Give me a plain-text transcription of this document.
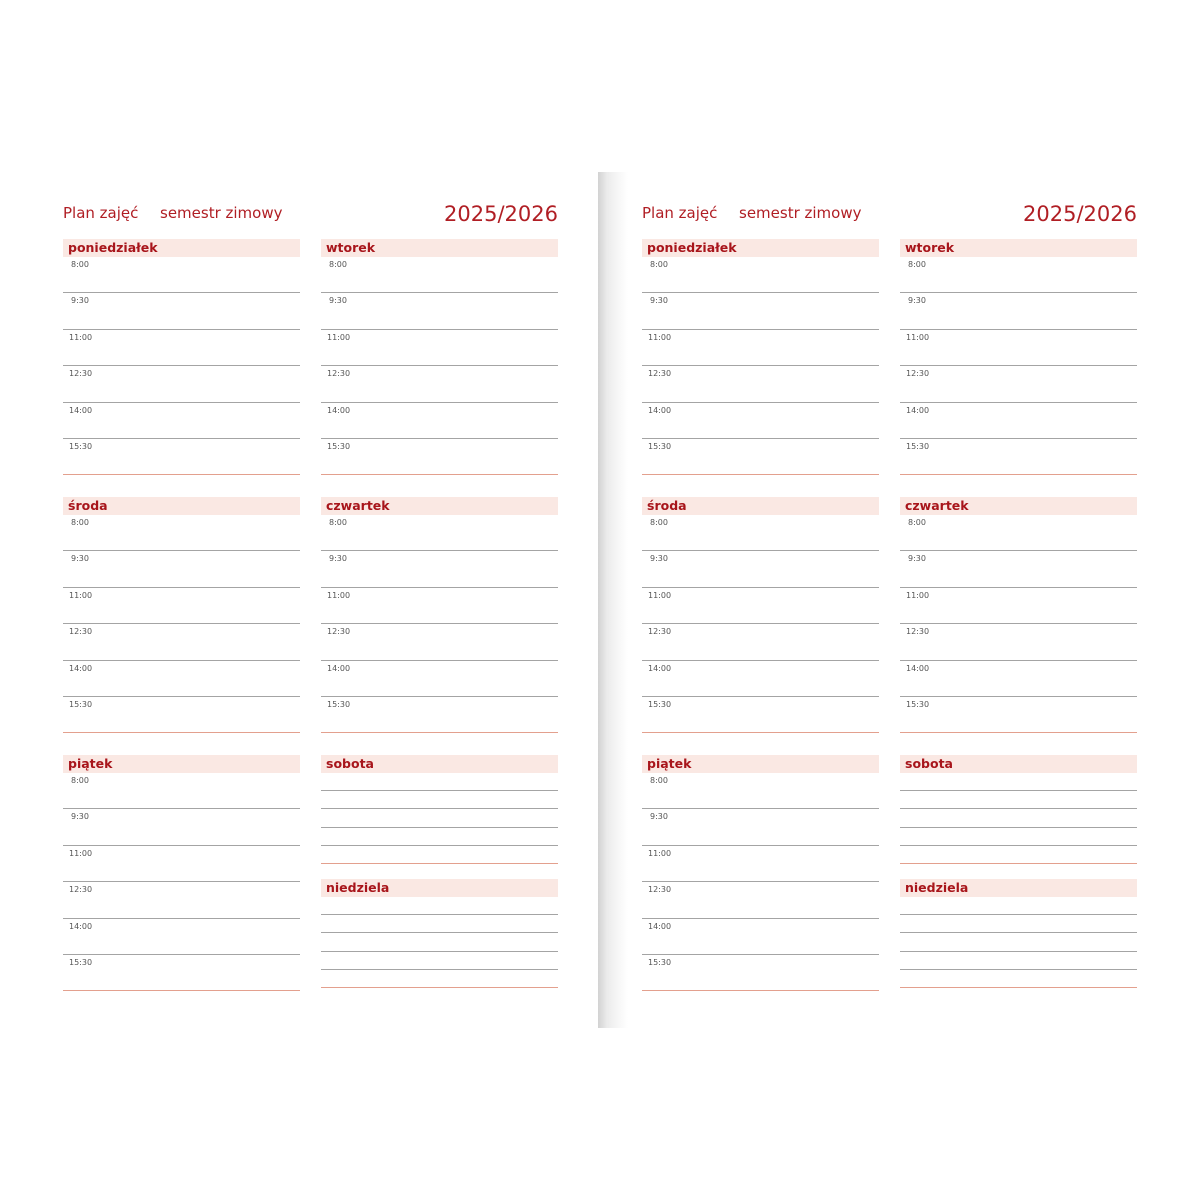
Plan zajęć semestr zimowy	2025/2026
poniedziałek
8:00
9:30
11:00
12:30
14:00
15:30
wtorek
8:00
9:30
11:00
12:30
14:00
15:30
środa
8:00
9:30
11:00
12:30
14:00
15:30
czwartek
8:00
9:30
11:00
12:30
14:00
15:30
piątek
8:00
9:30
11:00
12:30
14:00
15:30
sobota
niedziela
Plan zajęć semestr zimowy	2025/2026
poniedziałek
8:00
9:30
11:00
12:30
14:00
15:30
wtorek
8:00
9:30
11:00
12:30
14:00
15:30
środa
8:00
9:30
11:00
12:30
14:00
15:30
czwartek
8:00
9:30
11:00
12:30
14:00
15:30
piątek
8:00
9:30
11:00
12:30
14:00
15:30
sobota
niedziela
